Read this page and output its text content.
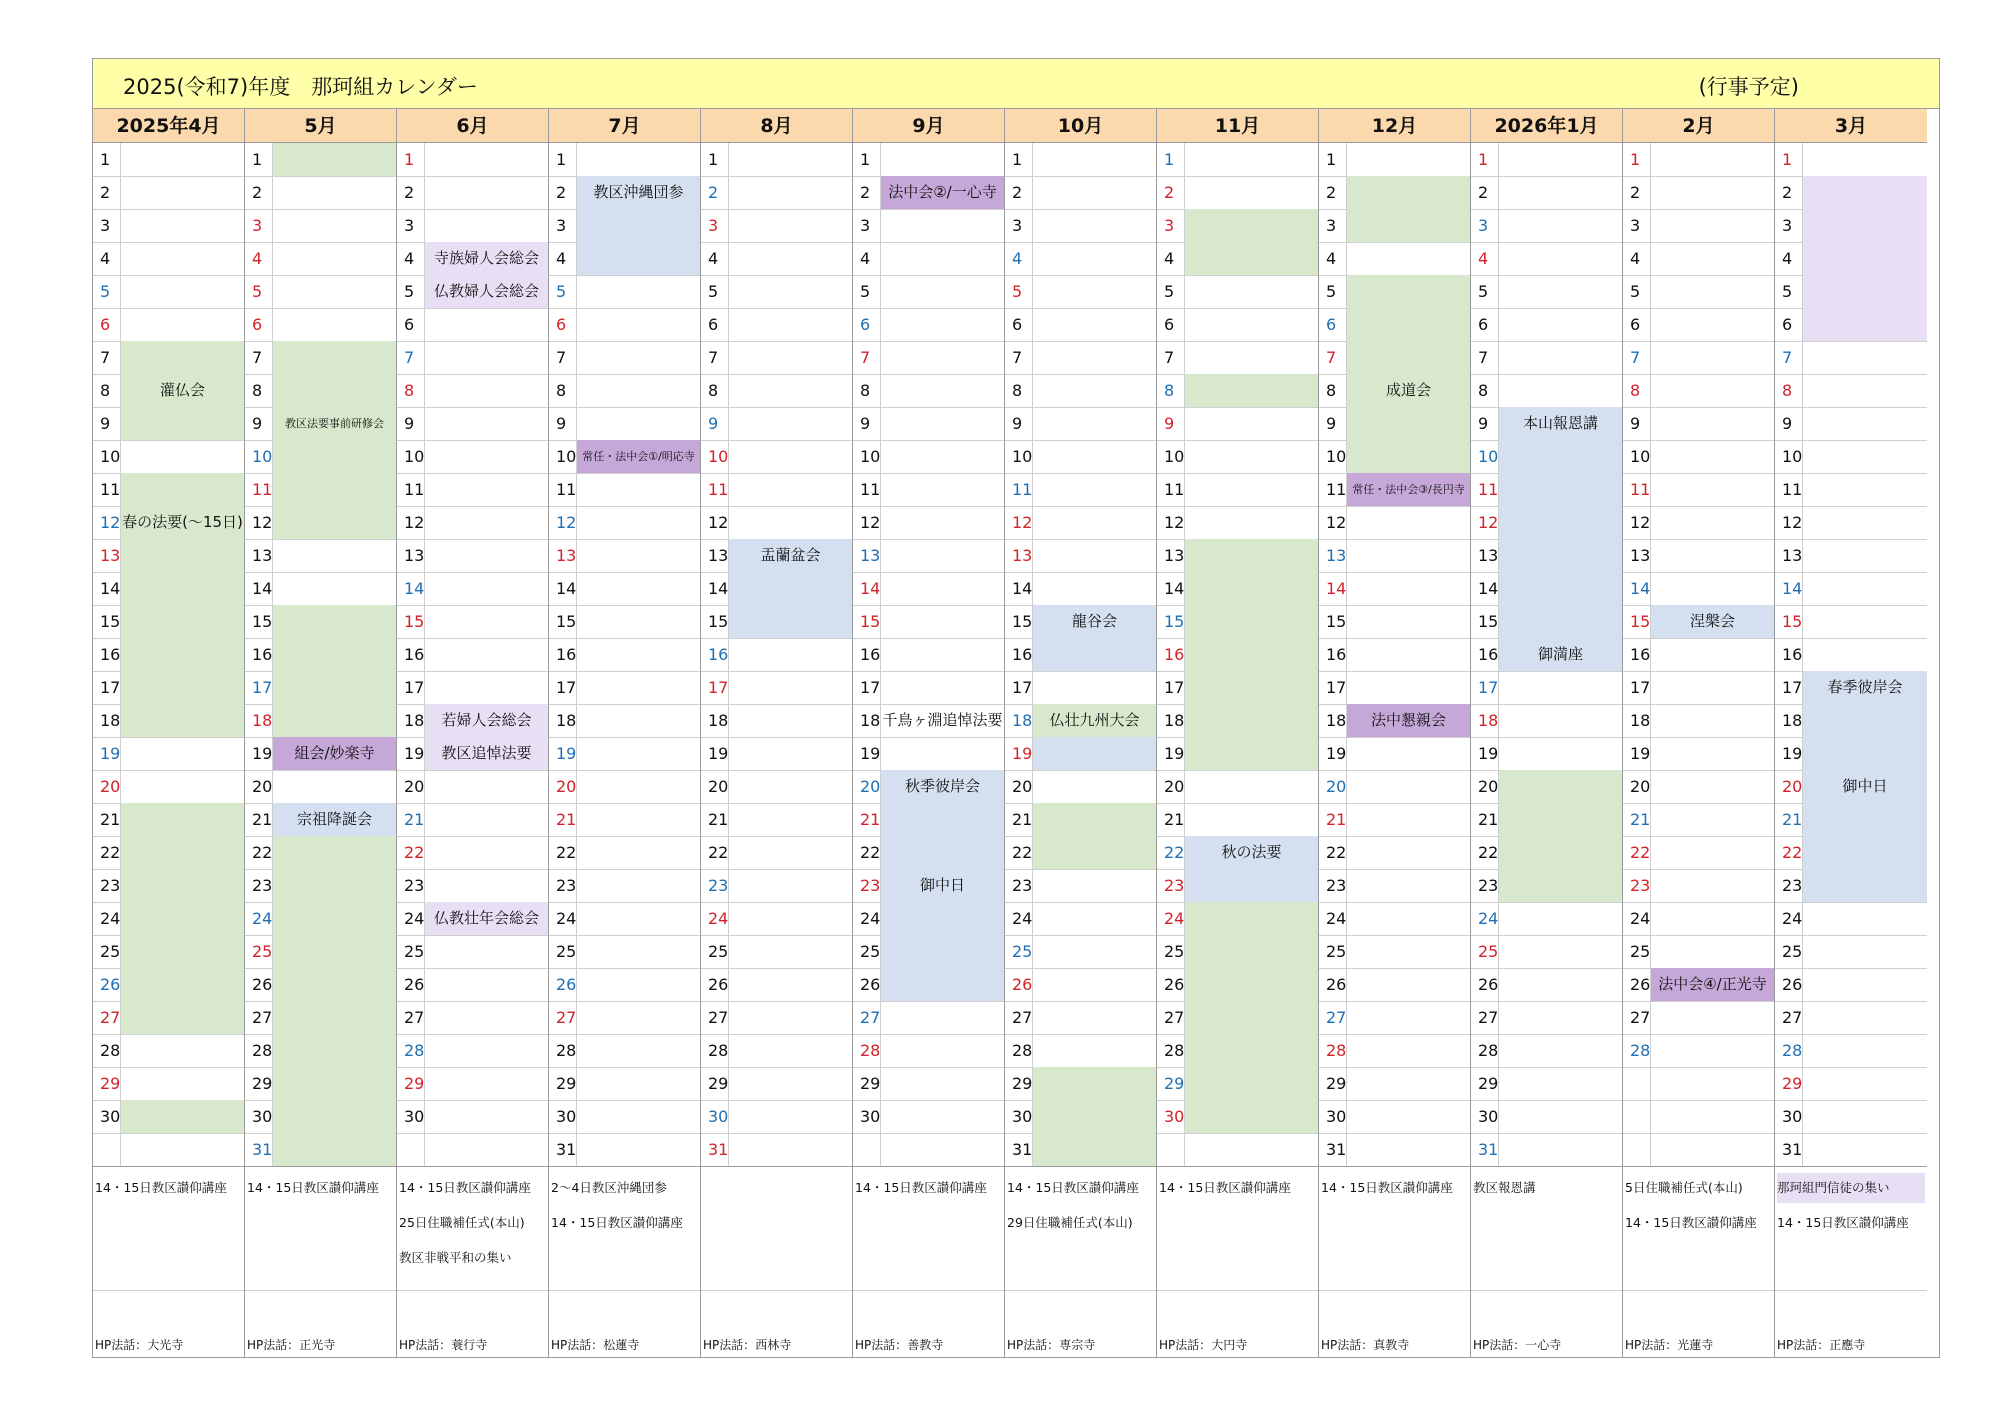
2025(令和7)年度　那珂組カレンダー	(行事予定)
2025年4月
1
2
3
4
5
6
7
8	灌仏会
9
10
11
12 春の法要(～15日)
13
14
15
16
17
18
19
20
21
22
23
24
25
26
27
28
29
30
14・15日教区讃仰講座
HP法話：大光寺
5月
1
2
3
4
5
6
7
8
9	教区法要事前研修会
10
11
12
13
14
15
16
17
18
19	組会/妙楽寺
20
21	宗祖降誕会
22
23
24
25
26
27
28
29
30
31
14・15日教区讃仰講座
HP法話：正光寺
6月
1
2
3
4	寺族婦人会総会
5	仏教婦人会総会
6
7
8
9
10
11
12
13
14
15
16
17
18	若婦人会総会
19	教区追悼法要
20
21
22
23
24 仏教壮年会総会
25
26
27
28
29
30
14・15日教区讃仰講座
25日住職補任式(本山)
教区非戦平和の集い
HP法話：蓑行寺
7月
1
2	教区沖縄団参
3
4
5
6
7
8
9
10 常任・法中会①/明応寺
11
12
13
14
15
16
17
18
19
20
21
22
23
24
25
26
27
28
29
30
31
2～4日教区沖縄団参
14・15日教区讃仰講座
HP法話：松蓮寺
8月
1
2
3
4
5
6
7
8
9
10
11
12
13	盂蘭盆会
14
15
16
17
18
19
20
21
22
23
24
25
26
27
28
29
30
31
HP法話：西林寺
9月
1
2	法中会②/一心寺
3
4
5
6
7
8
9
10
11
12
13
14
15
16
17
18 千鳥ヶ淵追悼法要
19
20	秋季彼岸会
21
22
23	御中日
24
25
26
27
28
29
30
14・15日教区讃仰講座
HP法話：善教寺
10月
1
2
3
4
5
6
7
8
9
10
11
12
13
14
15	龍谷会
16
17
18	仏壮九州大会
19
20
21
22
23
24
25
26
27
28
29
30
31
14・15日教区讃仰講座
29日住職補任式(本山)
HP法話：専宗寺
11月
1
2
3
4
5
6
7
8
9
10
11
12
13
14
15
16
17
18
19
20
21
22	秋の法要
23
24
25
26
27
28
29
30
14・15日教区讃仰講座
HP法話：大円寺
12月
1
2
3
4
5
6
7
8	成道会
9
10
11 常任・法中会③/長円寺
12
13
14
15
16
17
18	法中懇親会
19
20
21
22
23
24
25
26
27
28
29
30
31
14・15日教区讃仰講座
HP法話：真教寺
2026年1月
1
2
3
4
5
6
7
8
9	本山報恩講
10
11
12
13
14
15
16	御満座
17
18
19
20
21
22
23
24
25
26
27
28
29
30
31
教区報恩講
HP法話：一心寺
2月
1
2
3
4
5
6
7
8
9
10
11
12
13
14
15	涅槃会
16
17
18
19
20
21
22
23
24
25
26 法中会④/正光寺
27
28
5日住職補任式(本山)
14・15日教区讃仰講座
HP法話：光蓮寺
3月
1
2
3
4
5
6
7
8
9
10
11
12
13
14
15
16
17	春季彼岸会
18
19
20	御中日
21
22
23
24
25
26
27
28
29
30
31
那珂組門信徒の集い
14・15日教区讃仰講座
HP法話：正應寺
